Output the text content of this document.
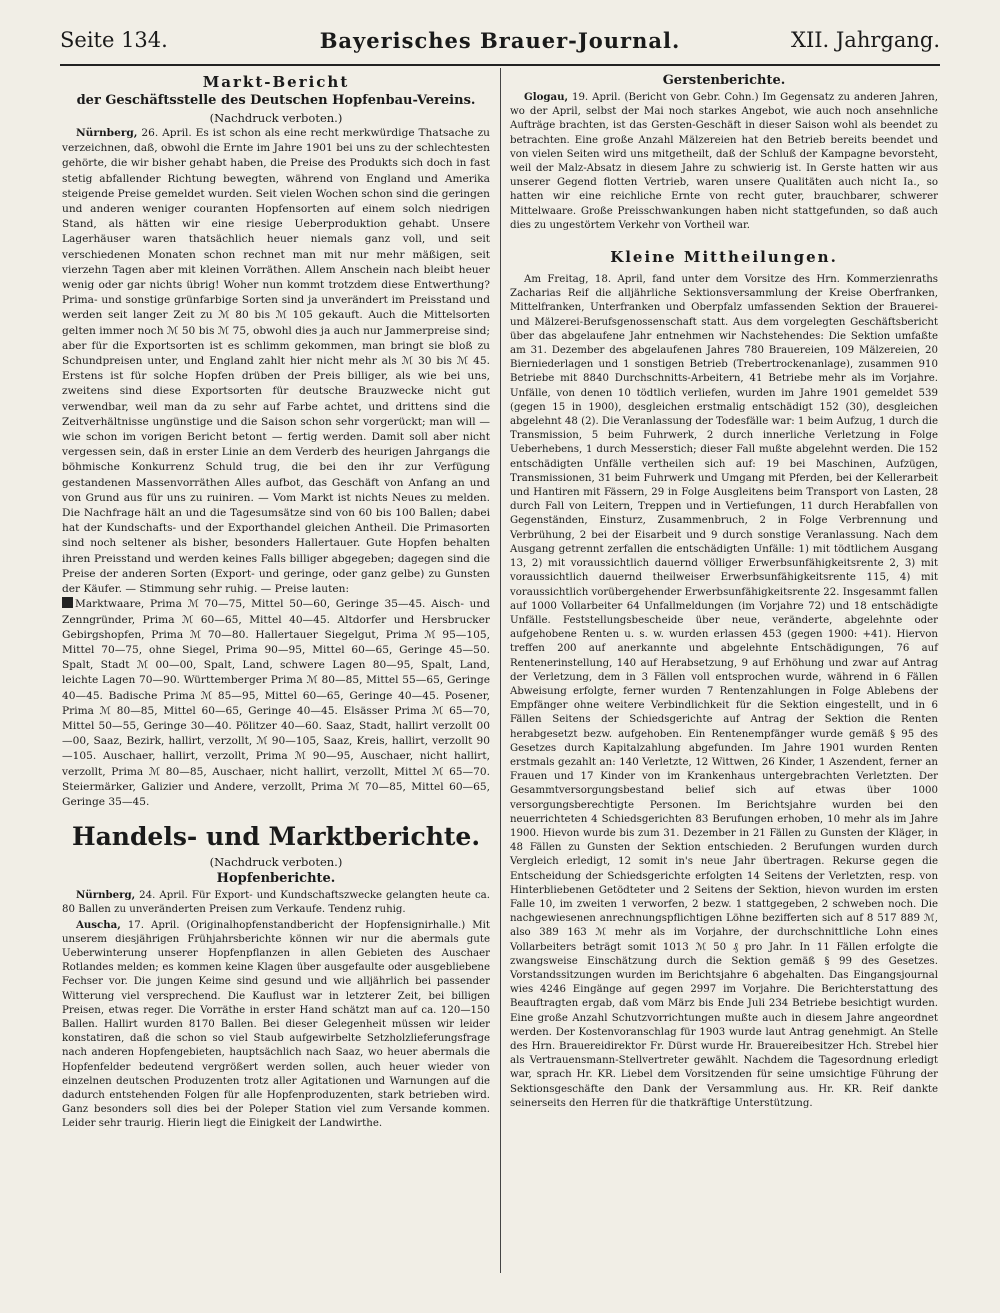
Seite 134.	Bayerisches Brauer-Journal.	XII. Jahrgang.

Markt-Bericht

der Geschäftsstelle des Deutschen Hopfenbau-Vereins.

(Nachdruck verboten.)

Nürnberg, 26. April. Es ist schon als eine recht merkwürdige Thatsache zu verzeichnen, daß, obwohl die Ernte im Jahre 1901 bei uns zu der schlechtesten gehörte, die wir bisher gehabt haben, die Preise des Produkts sich doch in fast stetig abfallender Richtung bewegten, während von England und Amerika steigende Preise gemeldet wurden. Seit vielen Wochen schon sind die geringen und anderen weniger couranten Hopfensorten auf einem solch niedrigen Stand, als hätten wir eine riesige Ueberproduktion gehabt. Unsere Lagerhäuser waren thatsächlich heuer niemals ganz voll, und seit verschiedenen Monaten schon rechnet man mit nur mehr mäßigen, seit vierzehn Tagen aber mit kleinen Vorräthen. Allem Anschein nach bleibt heuer wenig oder gar nichts übrig! Woher nun kommt trotzdem diese Entwerthung? Prima- und sonstige grünfarbige Sorten sind ja unverändert im Preisstand und werden seit langer Zeit zu ℳ 80 bis ℳ 105 gekauft. Auch die Mittelsorten gelten immer noch ℳ 50 bis ℳ 75, obwohl dies ja auch nur Jammerpreise sind; aber für die Exportsorten ist es schlimm gekommen, man bringt sie bloß zu Schundpreisen unter, und England zahlt hier nicht mehr als ℳ 30 bis ℳ 45. Erstens ist für solche Hopfen drüben der Preis billiger, als wie bei uns, zweitens sind diese Exportsorten für deutsche Brauzwecke nicht gut verwendbar, weil man da zu sehr auf Farbe achtet, und drittens sind die Zeitverhältnisse ungünstige und die Saison schon sehr vorgerückt; man will — wie schon im vorigen Bericht betont — fertig werden. Damit soll aber nicht vergessen sein, daß in erster Linie an dem Verderb des heurigen Jahrgangs die böhmische Konkurrenz Schuld trug, die bei den ihr zur Verfügung gestandenen Massenvorräthen Alles aufbot, das Geschäft von Anfang an und von Grund aus für uns zu ruiniren. — Vom Markt ist nichts Neues zu melden. Die Nachfrage hält an und die Tagesumsätze sind von 60 bis 100 Ballen; dabei hat der Kundschafts- und der Exporthandel gleichen Antheil. Die Primasorten sind noch seltener als bisher, besonders Hallertauer. Gute Hopfen behalten ihren Preisstand und werden keines Falls billiger abgegeben; dagegen sind die Preise der anderen Sorten (Export- und geringe, oder ganz gelbe) zu Gunsten der Käufer. — Stimmung sehr ruhig. — Preise lauten:

Marktwaare, Prima ℳ 70—75, Mittel 50—60, Geringe 35—45. Aisch- und Zenngründer, Prima ℳ 60—65, Mittel 40—45. Altdorfer und Hersbrucker Gebirgshopfen, Prima ℳ 70—80. Hallertauer Siegelgut, Prima ℳ 95—105, Mittel 70—75, ohne Siegel, Prima 90—95, Mittel 60—65, Geringe 45—50. Spalt, Stadt ℳ 00—00, Spalt, Land, schwere Lagen 80—95, Spalt, Land, leichte Lagen 70—90. Württemberger Prima ℳ 80—85, Mittel 55—65, Geringe 40—45. Badische Prima ℳ 85—95, Mittel 60—65, Geringe 40—45. Posener, Prima ℳ 80—85, Mittel 60—65, Geringe 40—45. Elsässer Prima ℳ 65—70, Mittel 50—55, Geringe 30—40. Pölitzer 40—60. Saaz, Stadt, hallirt verzollt 00—00, Saaz, Bezirk, hallirt, verzollt, ℳ 90—105, Saaz, Kreis, hallirt, verzollt 90—105. Auschaer, hallirt, verzollt, Prima ℳ 90—95, Auschaer, nicht hallirt, verzollt, Prima ℳ 80—85, Auschaer, nicht hallirt, verzollt, Mittel ℳ 65—70. Steiermärker, Galizier und Andere, verzollt, Prima ℳ 70—85, Mittel 60—65, Geringe 35—45.

Handels- und Marktberichte.

(Nachdruck verboten.)

Hopfenberichte.

Nürnberg, 24. April. Für Export- und Kundschaftszwecke gelangten heute ca. 80 Ballen zu unveränderten Preisen zum Verkaufe. Tendenz ruhig.

Auscha, 17. April. (Originalhopfenstandbericht der Hopfensignirhalle.) Mit unserem diesjährigen Frühjahrsberichte können wir nur die abermals gute Ueberwinterung unserer Hopfenpflanzen in allen Gebieten des Auschaer Rotlandes melden; es kommen keine Klagen über ausgefaulte oder ausgebliebene Fechser vor. Die jungen Keime sind gesund und wie alljährlich bei passender Witterung viel versprechend. Die Kauflust war in letzterer Zeit, bei billigen Preisen, etwas reger. Die Vorräthe in erster Hand schätzt man auf ca. 120—150 Ballen. Hallirt wurden 8170 Ballen. Bei dieser Gelegenheit müssen wir leider konstatiren, daß die schon so viel Staub aufgewirbelte Setzholzlieferungsfrage nach anderen Hopfengebieten, hauptsächlich nach Saaz, wo heuer abermals die Hopfenfelder bedeutend vergrößert werden sollen, auch heuer wieder von einzelnen deutschen Produzenten trotz aller Agitationen und Warnungen auf die dadurch entstehenden Folgen für alle Hopfenproduzenten, stark betrieben wird. Ganz besonders soll dies bei der Poleper Station viel zum Versande kommen. Leider sehr traurig. Hierin liegt die Einigkeit der Landwirthe.

Gerstenberichte.

Glogau, 19. April. (Bericht von Gebr. Cohn.) Im Gegensatz zu anderen Jahren, wo der April, selbst der Mai noch starkes Angebot, wie auch noch ansehnliche Aufträge brachten, ist das Gersten-Geschäft in dieser Saison wohl als beendet zu betrachten. Eine große Anzahl Mälzereien hat den Betrieb bereits beendet und von vielen Seiten wird uns mitgetheilt, daß der Schluß der Kampagne bevorsteht, weil der Malz-Absatz in diesem Jahre zu schwierig ist. In Gerste hatten wir aus unserer Gegend flotten Vertrieb, waren unsere Qualitäten auch nicht Ia., so hatten wir eine reichliche Ernte von recht guter, brauchbarer, schwerer Mittelwaare. Große Preisschwankungen haben nicht stattgefunden, so daß auch dies zu ungestörtem Verkehr von Vortheil war.

Kleine Mittheilungen.

Am Freitag, 18. April, fand unter dem Vorsitze des Hrn. Kommerzienraths Zacharias Reif die alljährliche Sektionsversammlung der Kreise Oberfranken, Mittelfranken, Unterfranken und Oberpfalz umfassenden Sektion der Brauerei- und Mälzerei-Berufsgenossenschaft statt. Aus dem vorgelegten Geschäftsbericht über das abgelaufene Jahr entnehmen wir Nachstehendes: Die Sektion umfaßte am 31. Dezember des abgelaufenen Jahres 780 Brauereien, 109 Mälzereien, 20 Bierniederlagen und 1 sonstigen Betrieb (Trebertrockenanlage), zusammen 910 Betriebe mit 8840 Durchschnitts-Arbeitern, 41 Betriebe mehr als im Vorjahre. Unfälle, von denen 10 tödtlich verliefen, wurden im Jahre 1901 gemeldet 539 (gegen 15 in 1900), desgleichen erstmalig entschädigt 152 (30), desgleichen abgelehnt 48 (2). Die Veranlassung der Todesfälle war: 1 beim Aufzug, 1 durch die Transmission, 5 beim Fuhrwerk, 2 durch innerliche Verletzung in Folge Ueberhebens, 1 durch Messerstich; dieser Fall mußte abgelehnt werden. Die 152 entschädigten Unfälle vertheilen sich auf: 19 bei Maschinen, Aufzügen, Transmissionen, 31 beim Fuhrwerk und Umgang mit Pferden, bei der Kellerarbeit und Hantiren mit Fässern, 29 in Folge Ausgleitens beim Transport von Lasten, 28 durch Fall von Leitern, Treppen und in Vertiefungen, 11 durch Herabfallen von Gegenständen, Einsturz, Zusammenbruch, 2 in Folge Verbrennung und Verbrühung, 2 bei der Eisarbeit und 9 durch sonstige Veranlassung. Nach dem Ausgang getrennt zerfallen die entschädigten Unfälle: 1) mit tödtlichem Ausgang 13, 2) mit voraussichtlich dauernd völliger Erwerbsunfähigkeitsrente 2, 3) mit voraussichtlich dauernd theilweiser Erwerbsunfähigkeitsrente 115, 4) mit voraussichtlich vorübergehender Erwerbsunfähigkeitsrente 22. Insgesammt fallen auf 1000 Vollarbeiter 64 Unfallmeldungen (im Vorjahre 72) und 18 entschädigte Unfälle. Feststellungsbescheide über neue, veränderte, abgelehnte oder aufgehobene Renten u. s. w. wurden erlassen 453 (gegen 1900: +41). Hiervon treffen 200 auf anerkannte und abgelehnte Entschädigungen, 76 auf Rentenerinstellung, 140 auf Herabsetzung, 9 auf Erhöhung und zwar auf Antrag der Verletzung, dem in 3 Fällen voll entsprochen wurde, während in 6 Fällen Abweisung erfolgte, ferner wurden 7 Rentenzahlungen in Folge Ablebens der Empfänger ohne weitere Verbindlichkeit für die Sektion eingestellt, und in 6 Fällen Seitens der Schiedsgerichte auf Antrag der Sektion die Renten herabgesetzt bezw. aufgehoben. Ein Rentenempfänger wurde gemäß § 95 des Gesetzes durch Kapitalzahlung abgefunden. Im Jahre 1901 wurden Renten erstmals gezahlt an: 140 Verletzte, 12 Wittwen, 26 Kinder, 1 Aszendent, ferner an Frauen und 17 Kinder von im Krankenhaus untergebrachten Verletzten. Der Gesammtversorgungsbestand belief sich auf etwas über 1000 versorgungsberechtigte Personen. Im Berichtsjahre wurden bei den neuerrichteten 4 Schiedsgerichten 83 Berufungen erhoben, 10 mehr als im Jahre 1900. Hievon wurde bis zum 31. Dezember in 21 Fällen zu Gunsten der Kläger, in 48 Fällen zu Gunsten der Sektion entschieden. 2 Berufungen wurden durch Vergleich erledigt, 12 somit in's neue Jahr übertragen. Rekurse gegen die Entscheidung der Schiedsgerichte erfolgten 14 Seitens der Verletzten, resp. von Hinterbliebenen Getödteter und 2 Seitens der Sektion, hievon wurden im ersten Falle 10, im zweiten 1 verworfen, 2 bezw. 1 stattgegeben, 2 schweben noch. Die nachgewiesenen anrechnungspflichtigen Löhne bezifferten sich auf 8 517 889 ℳ, also 389 163 ℳ mehr als im Vorjahre, der durchschnittliche Lohn eines Vollarbeiters beträgt somit 1013 ℳ 50 ₰ pro Jahr. In 11 Fällen erfolgte die zwangsweise Einschätzung durch die Sektion gemäß § 99 des Gesetzes. Vorstandssitzungen wurden im Berichtsjahre 6 abgehalten. Das Eingangsjournal wies 4246 Eingänge auf gegen 2997 im Vorjahre. Die Berichterstattung des Beauftragten ergab, daß vom März bis Ende Juli 234 Betriebe besichtigt wurden. Eine große Anzahl Schutzvorrichtungen mußte auch in diesem Jahre angeordnet werden. Der Kostenvoranschlag für 1903 wurde laut Antrag genehmigt. An Stelle des Hrn. Brauereidirektor Fr. Dürst wurde Hr. Brauereibesitzer Hch. Strebel hier als Vertrauensmann-Stellvertreter gewählt. Nachdem die Tagesordnung erledigt war, sprach Hr. KR. Liebel dem Vorsitzenden für seine umsichtige Führung der Sektionsgeschäfte den Dank der Versammlung aus. Hr. KR. Reif dankte seinerseits den Herren für die thatkräftige Unterstützung.
